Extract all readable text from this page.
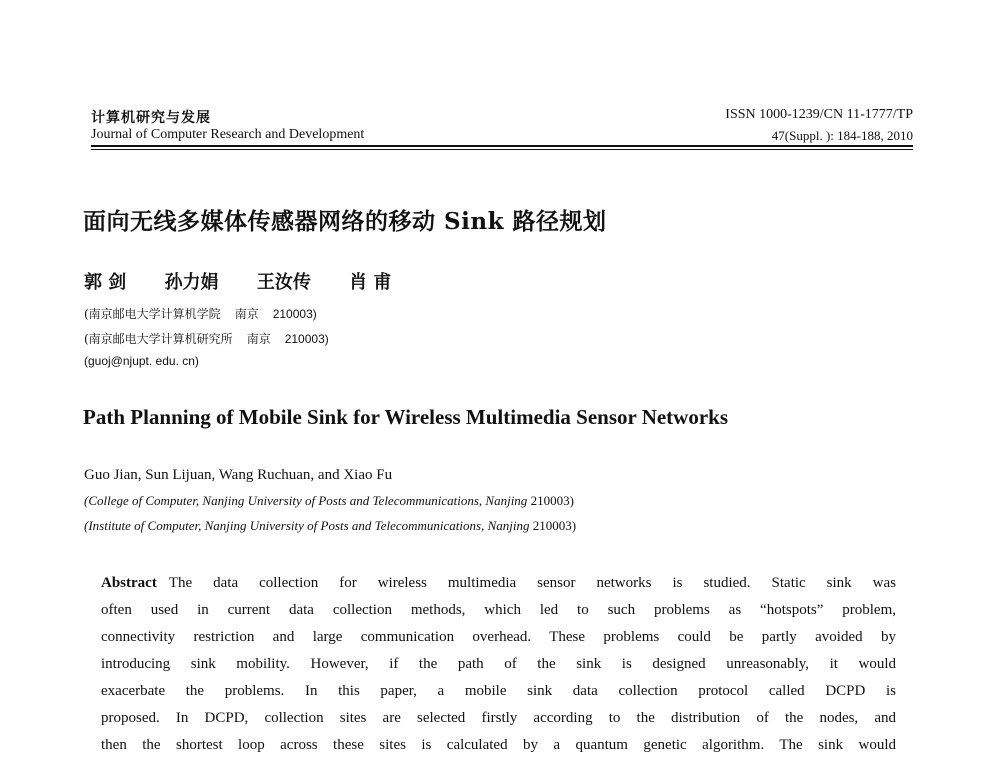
计算机研究与发展
Journal of Computer Research and Development
ISSN 1000-1239/CN 11-1777/TP
47(Suppl. ): 184-188, 2010
面向无线多媒体传感器网络的移动 Sink 路径规划
郭 剑 孙力娟 王汝传 肖 甫
(南京邮电大学计算机学院 南京 210003)
(南京邮电大学计算机研究所 南京 210003)
(guoj@njupt. edu. cn)
Path Planning of Mobile Sink for Wireless Multimedia Sensor Networks
Guo Jian, Sun Lijuan, Wang Ruchuan, and Xiao Fu
(College of Computer, Nanjing University of Posts and Telecommunications, Nanjing 210003)
(Institute of Computer, Nanjing University of Posts and Telecommunications, Nanjing 210003)
Abstract The data collection for wireless multimedia sensor networks is studied. Static sink was
often used in current data collection methods, which led to such problems as “hotspots” problem,
connectivity restriction and large communication overhead. These problems could be partly avoided by
introducing sink mobility. However, if the path of the sink is designed unreasonably, it would
exacerbate the problems. In this paper, a mobile sink data collection protocol called DCPD is
proposed. In DCPD, collection sites are selected firstly according to the distribution of the nodes, and
then the shortest loop across these sites is calculated by a quantum genetic algorithm. The sink would
